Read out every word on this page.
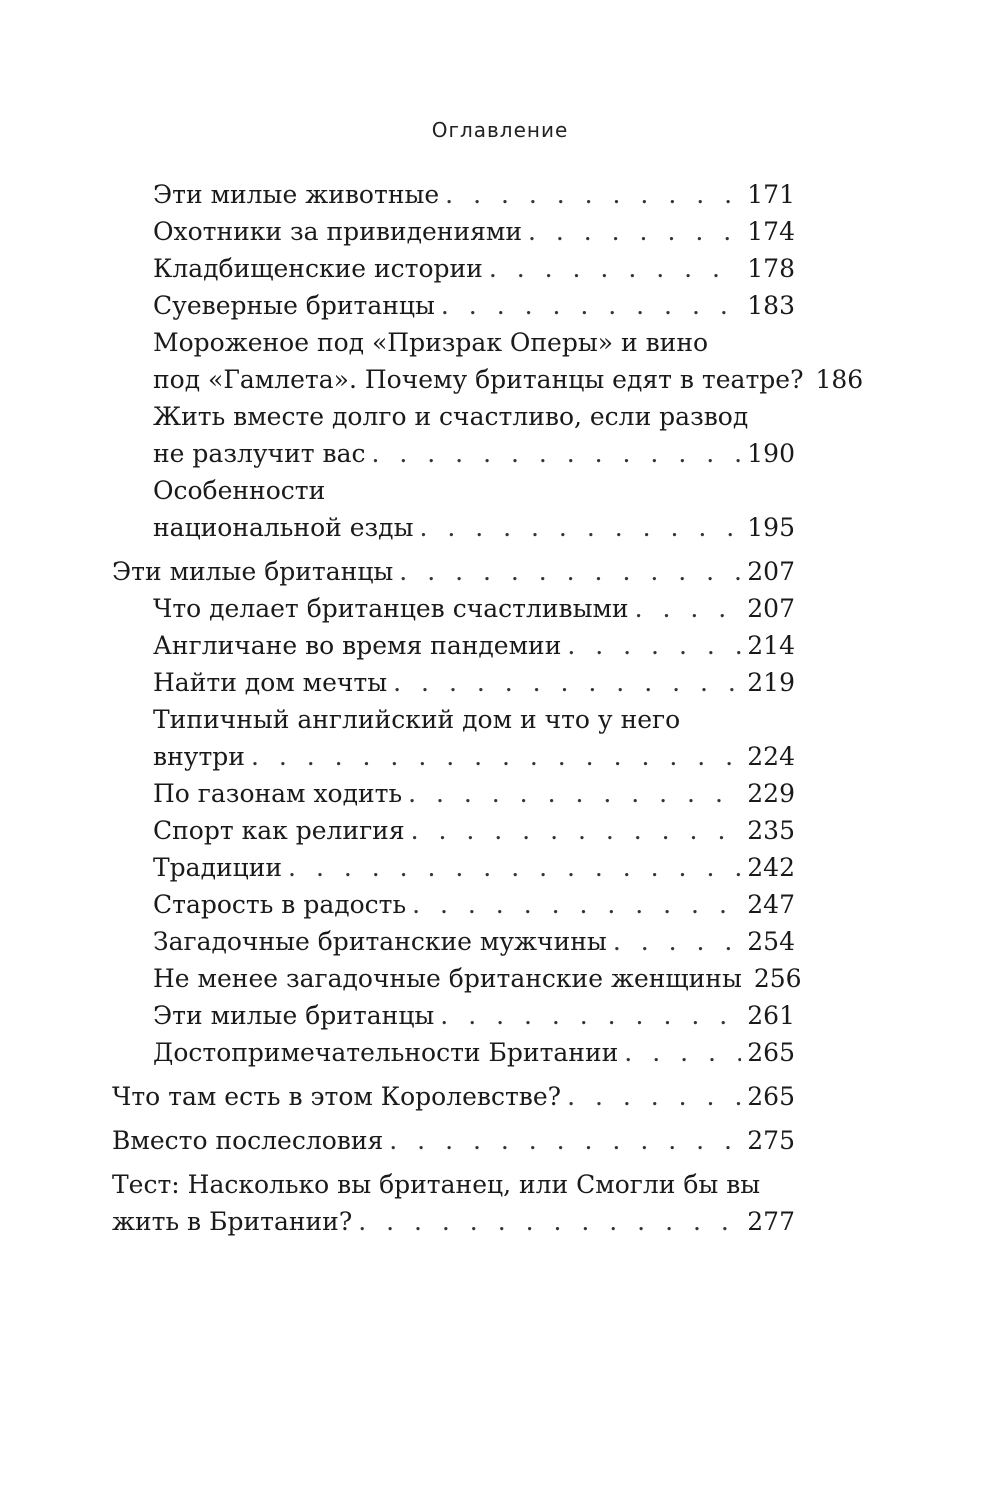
Оглавление
Эти милые животные . . .	171
Охотники за привидениями . . .	174
Кладбищенские истории . . .	178
Суеверные британцы . . .	183
Мороженое под «Призрак Оперы» и вино
под «Гамлета». Почему британцы едят в театре? 186
Жить вместе долго и счастливо, если развод
не разлучит вас . . .	190
Особенности
национальной езды . . .	195
Эти милые британцы . . .	207
Что делает британцев счастливыми . . .	207
Англичане во время пандемии . . .	214
Найти дом мечты . . .	219
Типичный английский дом и что у него
внутри . . .	224
По газонам ходить . . .	229
Спорт как религия . . .	235
Традиции . . .	242
Старость в радость . . .	247
Загадочные британские мужчины . . .	254
Не менее загадочные британские женщины 256
Эти милые британцы . . .	261
Достопримечательности Британии . . .	265
Что там есть в этом Королевстве? . . .	265
Вместо послесловия . . .	275
Тест: Насколько вы британец, или Смогли бы вы
жить в Британии? . . .	277
